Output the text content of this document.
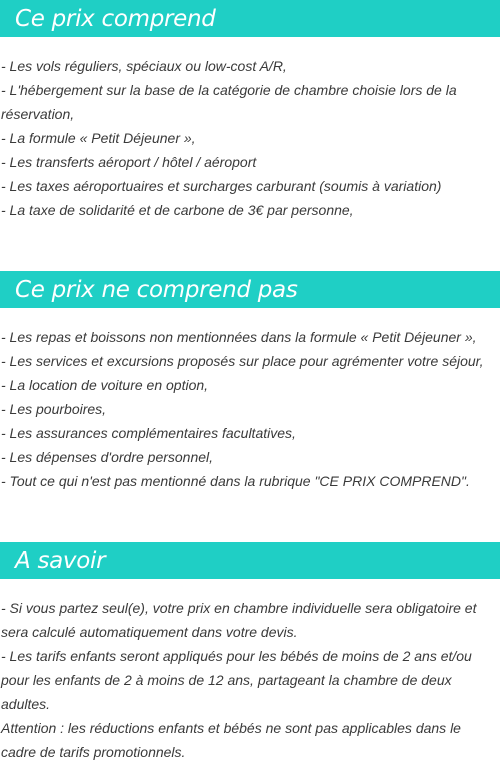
Ce prix comprend
- Les vols réguliers, spéciaux ou low-cost A/R,
- L'hébergement sur la base de la catégorie de chambre choisie lors de la réservation,
- La formule « Petit Déjeuner »,
- Les transferts aéroport / hôtel / aéroport
- Les taxes aéroportuaires et surcharges carburant (soumis à variation)
- La taxe de solidarité et de carbone de 3€ par personne,
Ce prix ne comprend pas
- Les repas et boissons non mentionnées dans la formule « Petit Déjeuner »,
- Les services et excursions proposés sur place pour agrémenter votre séjour,
- La location de voiture en option,
- Les pourboires,
- Les assurances complémentaires facultatives,
- Les dépenses d'ordre personnel,
- Tout ce qui n'est pas mentionné dans la rubrique "CE PRIX COMPREND".
A savoir
- Si vous partez seul(e), votre prix en chambre individuelle sera obligatoire et sera calculé automatiquement dans votre devis.
- Les tarifs enfants seront appliqués pour les bébés de moins de 2 ans et/ou pour les enfants de 2 à moins de 12 ans, partageant la chambre de deux adultes.
Attention : les réductions enfants et bébés ne sont pas applicables dans le cadre de tarifs promotionnels.
